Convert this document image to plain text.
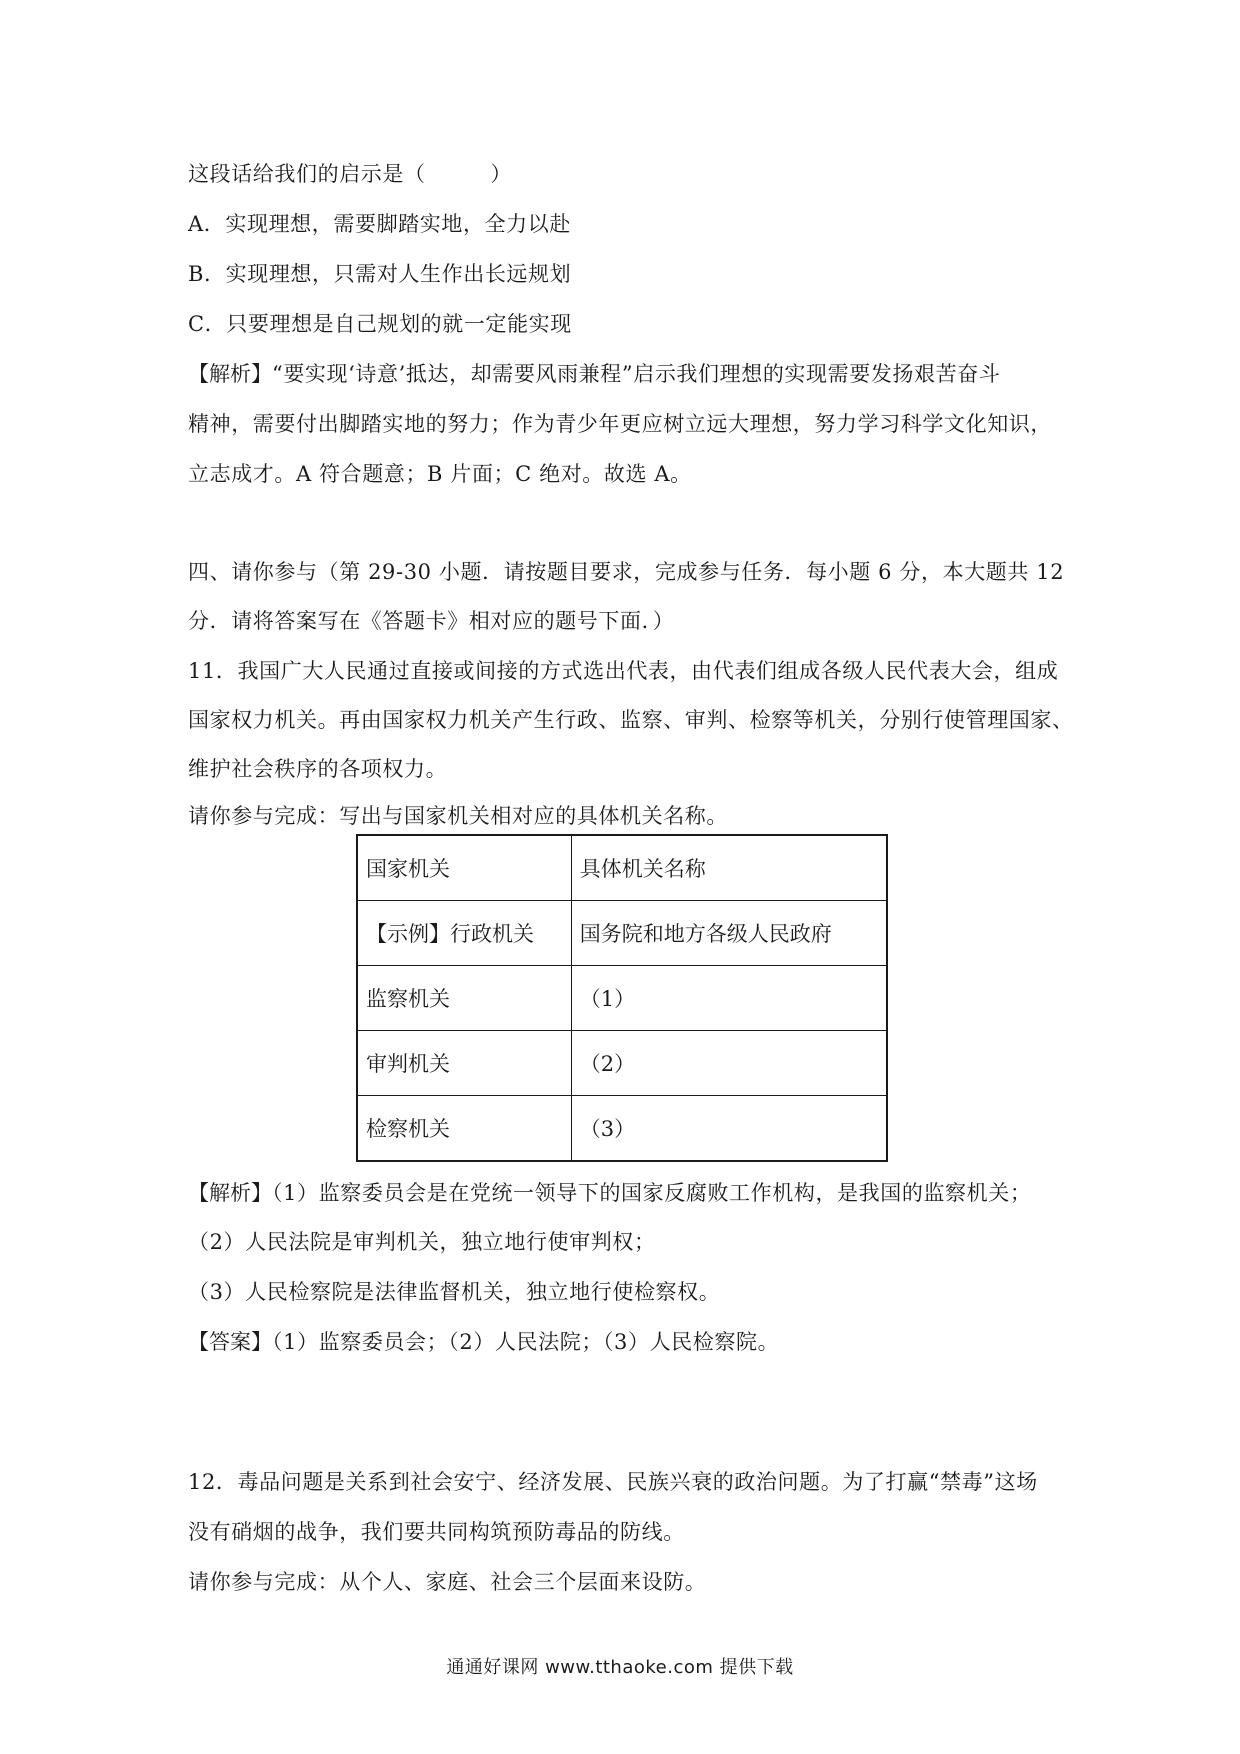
这段话给我们的启示是（　　　）
A．实现理想，需要脚踏实地，全力以赴
B．实现理想，只需对人生作出长远规划
C．只要理想是自己规划的就一定能实现
【解析】“要实现‘诗意’抵达，却需要风雨兼程”启示我们理想的实现需要发扬艰苦奋斗
精神，需要付出脚踏实地的努力；作为青少年更应树立远大理想，努力学习科学文化知识，
立志成才。A 符合题意；B 片面；C 绝对。故选 A。
四、请你参与（第 29-30 小题．请按题目要求，完成参与任务．每小题 6 分，本大题共 12
分．请将答案写在《答题卡》相对应的题号下面．）
11．我国广大人民通过直接或间接的方式选出代表，由代表们组成各级人民代表大会，组成
国家权力机关。再由国家权力机关产生行政、监察、审判、检察等机关，分别行使管理国家、
维护社会秩序的各项权力。
请你参与完成：写出与国家机关相对应的具体机关名称。
国家机关	具体机关名称
【示例】行政机关	国务院和地方各级人民政府
监察机关	（1）
审判机关	（2）
检察机关	（3）
【解析】（1）监察委员会是在党统一领导下的国家反腐败工作机构，是我国的监察机关；
（2）人民法院是审判机关，独立地行使审判权；
（3）人民检察院是法律监督机关，独立地行使检察权。
【答案】（1）监察委员会；（2）人民法院；（3）人民检察院。
12．毒品问题是关系到社会安宁、经济发展、民族兴衰的政治问题。为了打赢“禁毒”这场
没有硝烟的战争，我们要共同构筑预防毒品的防线。
请你参与完成：从个人、家庭、社会三个层面来设防。
通通好课网 www.tthaoke.com 提供下载
